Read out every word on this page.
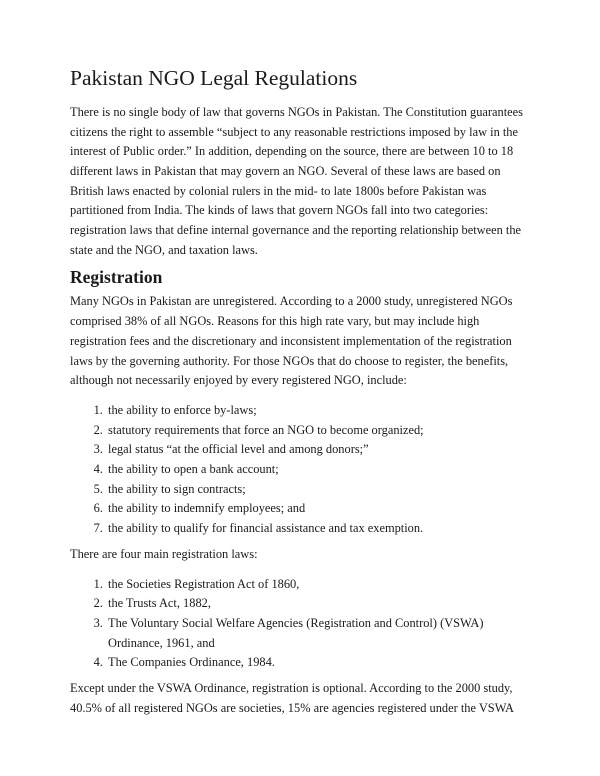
Pakistan NGO Legal Regulations

There is no single body of law that governs NGOs in Pakistan. The Constitution guarantees citizens the right to assemble “subject to any reasonable restrictions imposed by law in the interest of Public order.” In addition, depending on the source, there are between 10 to 18 different laws in Pakistan that may govern an NGO. Several of these laws are based on British laws enacted by colonial rulers in the mid- to late 1800s before Pakistan was partitioned from India. The kinds of laws that govern NGOs fall into two categories: registration laws that define internal governance and the reporting relationship between the state and the NGO, and taxation laws.

Registration

Many NGOs in Pakistan are unregistered. According to a 2000 study, unregistered NGOs comprised 38% of all NGOs. Reasons for this high rate vary, but may include high registration fees and the discretionary and inconsistent implementation of the registration laws by the governing authority. For those NGOs that do choose to register, the benefits, although not necessarily enjoyed by every registered NGO, include:

1. the ability to enforce by-laws;
2. statutory requirements that force an NGO to become organized;
3. legal status “at the official level and among donors;”
4. the ability to open a bank account;
5. the ability to sign contracts;
6. the ability to indemnify employees; and
7. the ability to qualify for financial assistance and tax exemption.

There are four main registration laws:

1. the Societies Registration Act of 1860,
2. the Trusts Act, 1882,
3. The Voluntary Social Welfare Agencies (Registration and Control) (VSWA) Ordinance, 1961, and
4. The Companies Ordinance, 1984.

Except under the VSWA Ordinance, registration is optional. According to the 2000 study, 40.5% of all registered NGOs are societies, 15% are agencies registered under the VSWA
